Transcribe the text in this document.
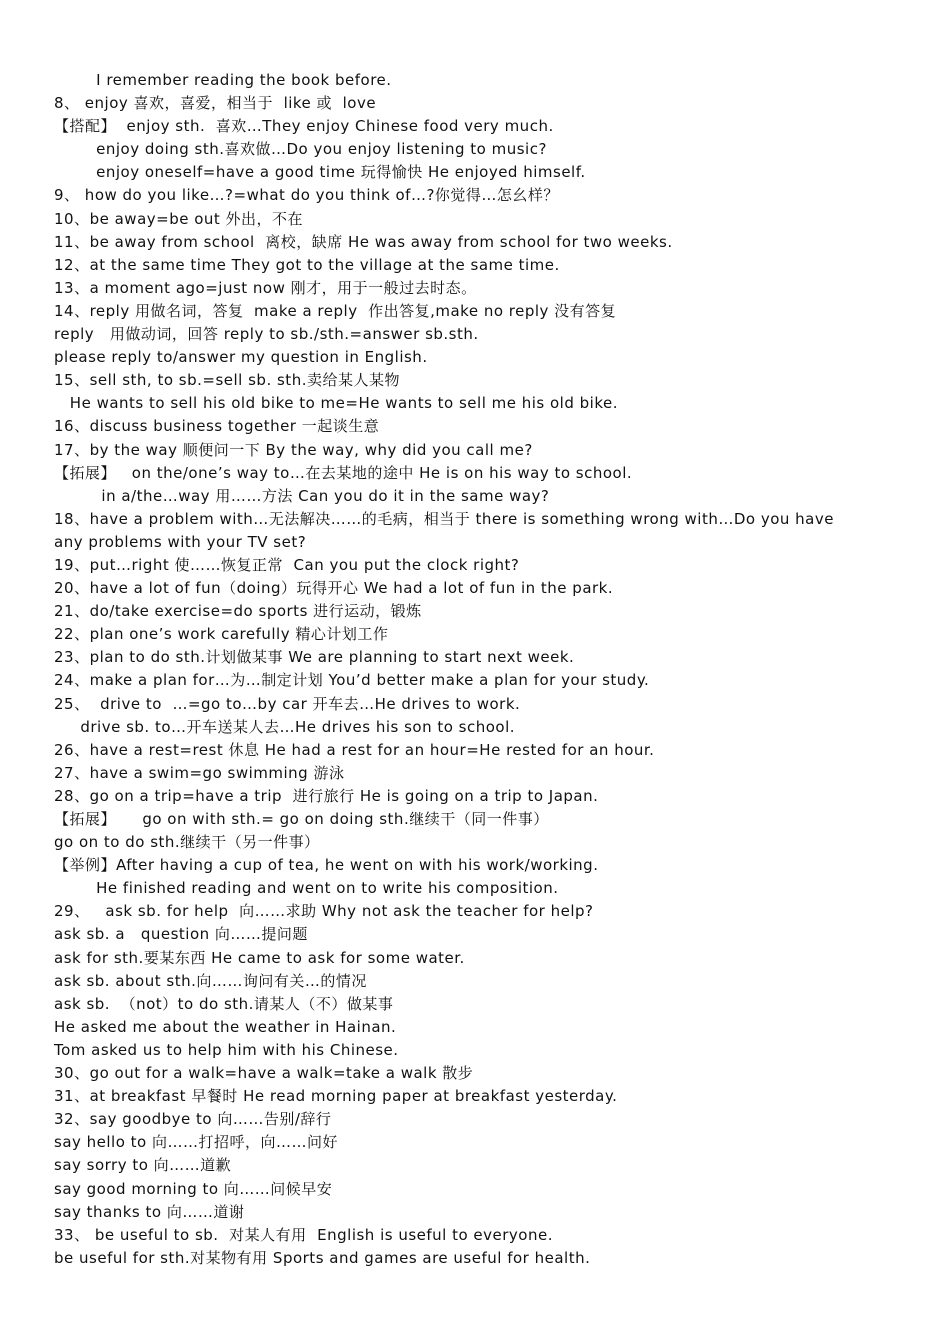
I remember reading the book before.
8、 enjoy 喜欢，喜爱，相当于  like 或  love
【搭配】  enjoy sth.  喜欢…They enjoy Chinese food very much.
enjoy doing sth.喜欢做…Do you enjoy listening to music?
enjoy oneself=have a good time 玩得愉快 He enjoyed himself.
9、 how do you like…?=what do you think of…?你觉得…怎幺样？
10、be away=be out 外出，不在
11、be away from school  离校，缺席 He was away from school for two weeks.
12、at the same time They got to the village at the same time.
13、a moment ago=just now 刚才，用于一般过去时态。
14、reply 用做名词，答复  make a reply  作出答复,make no reply 没有答复
reply   用做动词，回答 reply to sb./sth.=answer sb.sth.
please reply to/answer my question in English.
15、sell sth, to sb.=sell sb. sth.卖给某人某物
He wants to sell his old bike to me=He wants to sell me his old bike.
16、discuss business together 一起谈生意
17、by the way 顺便问一下 By the way, why did you call me?
【拓展】   on the/one’s way to…在去某地的途中 He is on his way to school.
in a/the…way 用……方法 Can you do it in the same way?
18、have a problem with…无法解决……的毛病，相当于 there is something wrong with…Do you have
any problems with your TV set?
19、put…right 使……恢复正常  Can you put the clock right?
20、have a lot of fun（doing）玩得开心 We had a lot of fun in the park.
21、do/take exercise=do sports 进行运动，锻炼
22、plan one’s work carefully 精心计划工作
23、plan to do sth.计划做某事 We are planning to start next week.
24、make a plan for…为…制定计划 You’d better make a plan for your study.
25、  drive to  …=go to…by car 开车去…He drives to work.
drive sb. to…开车送某人去…He drives his son to school.
26、have a rest=rest 休息 He had a rest for an hour=He rested for an hour.
27、have a swim=go swimming 游泳
28、go on a trip=have a trip  进行旅行 He is going on a trip to Japan.
【拓展】     go on with sth.= go on doing sth.继续干（同一件事）
go on to do sth.继续干（另一件事）
【举例】After having a cup of tea, he went on with his work/working.
He finished reading and went on to write his composition.
29、   ask sb. for help  向……求助 Why not ask the teacher for help?
ask sb. a   question 向……提问题
ask for sth.要某东西 He came to ask for some water.
ask sb. about sth.向……询问有关…的情况
ask sb.  （not）to do sth.请某人（不）做某事
He asked me about the weather in Hainan.
Tom asked us to help him with his Chinese.
30、go out for a walk=have a walk=take a walk 散步
31、at breakfast 早餐时 He read morning paper at breakfast yesterday.
32、say goodbye to 向……告别/辞行
say hello to 向……打招呼，向……问好
say sorry to 向……道歉
say good morning to 向……问候早安
say thanks to 向……道谢
33、 be useful to sb.  对某人有用  English is useful to everyone.
be useful for sth.对某物有用 Sports and games are useful for health.
